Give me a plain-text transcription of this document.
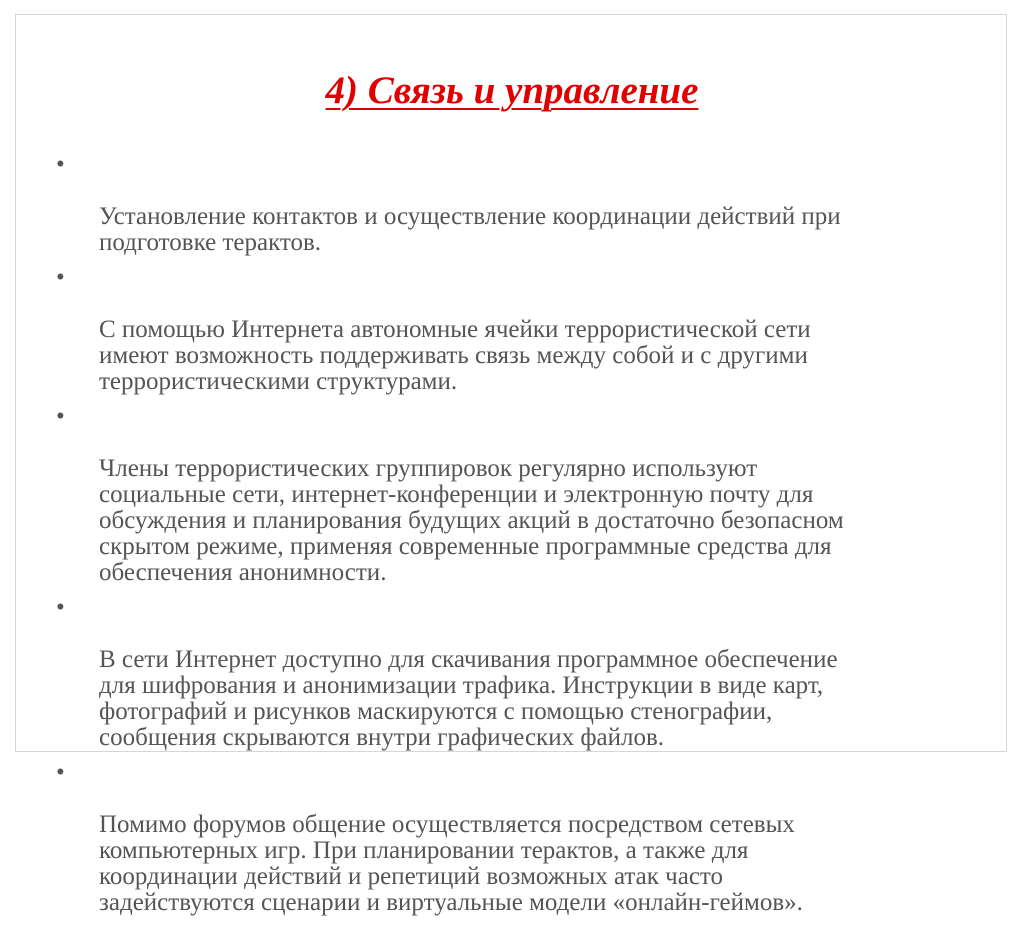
4) Связь и управление

•

Установление контактов и осуществление координации действий при
подготовке терактов.

•

С помощью Интернета автономные ячейки террористической сети
имеют возможность поддерживать связь между собой и с другими
террористическими структурами.

•

Члены террористических группировок регулярно используют
социальные сети, интернет-конференции и электронную почту для
обсуждения и планирования будущих акций в достаточно безопасном
скрытом режиме, применяя современные программные средства для
обеспечения анонимности.

•

В сети Интернет доступно для скачивания программное обеспечение
для шифрования и анонимизации трафика. Инструкции в виде карт,
фотографий и рисунков маскируются с помощью стенографии,
сообщения скрываются внутри графических файлов.

•

Помимо форумов общение осуществляется посредством сетевых
компьютерных игр. При планировании терактов, а также для
координации действий и репетиций возможных атак часто
задействуются сценарии и виртуальные модели «онлайн-геймов».
